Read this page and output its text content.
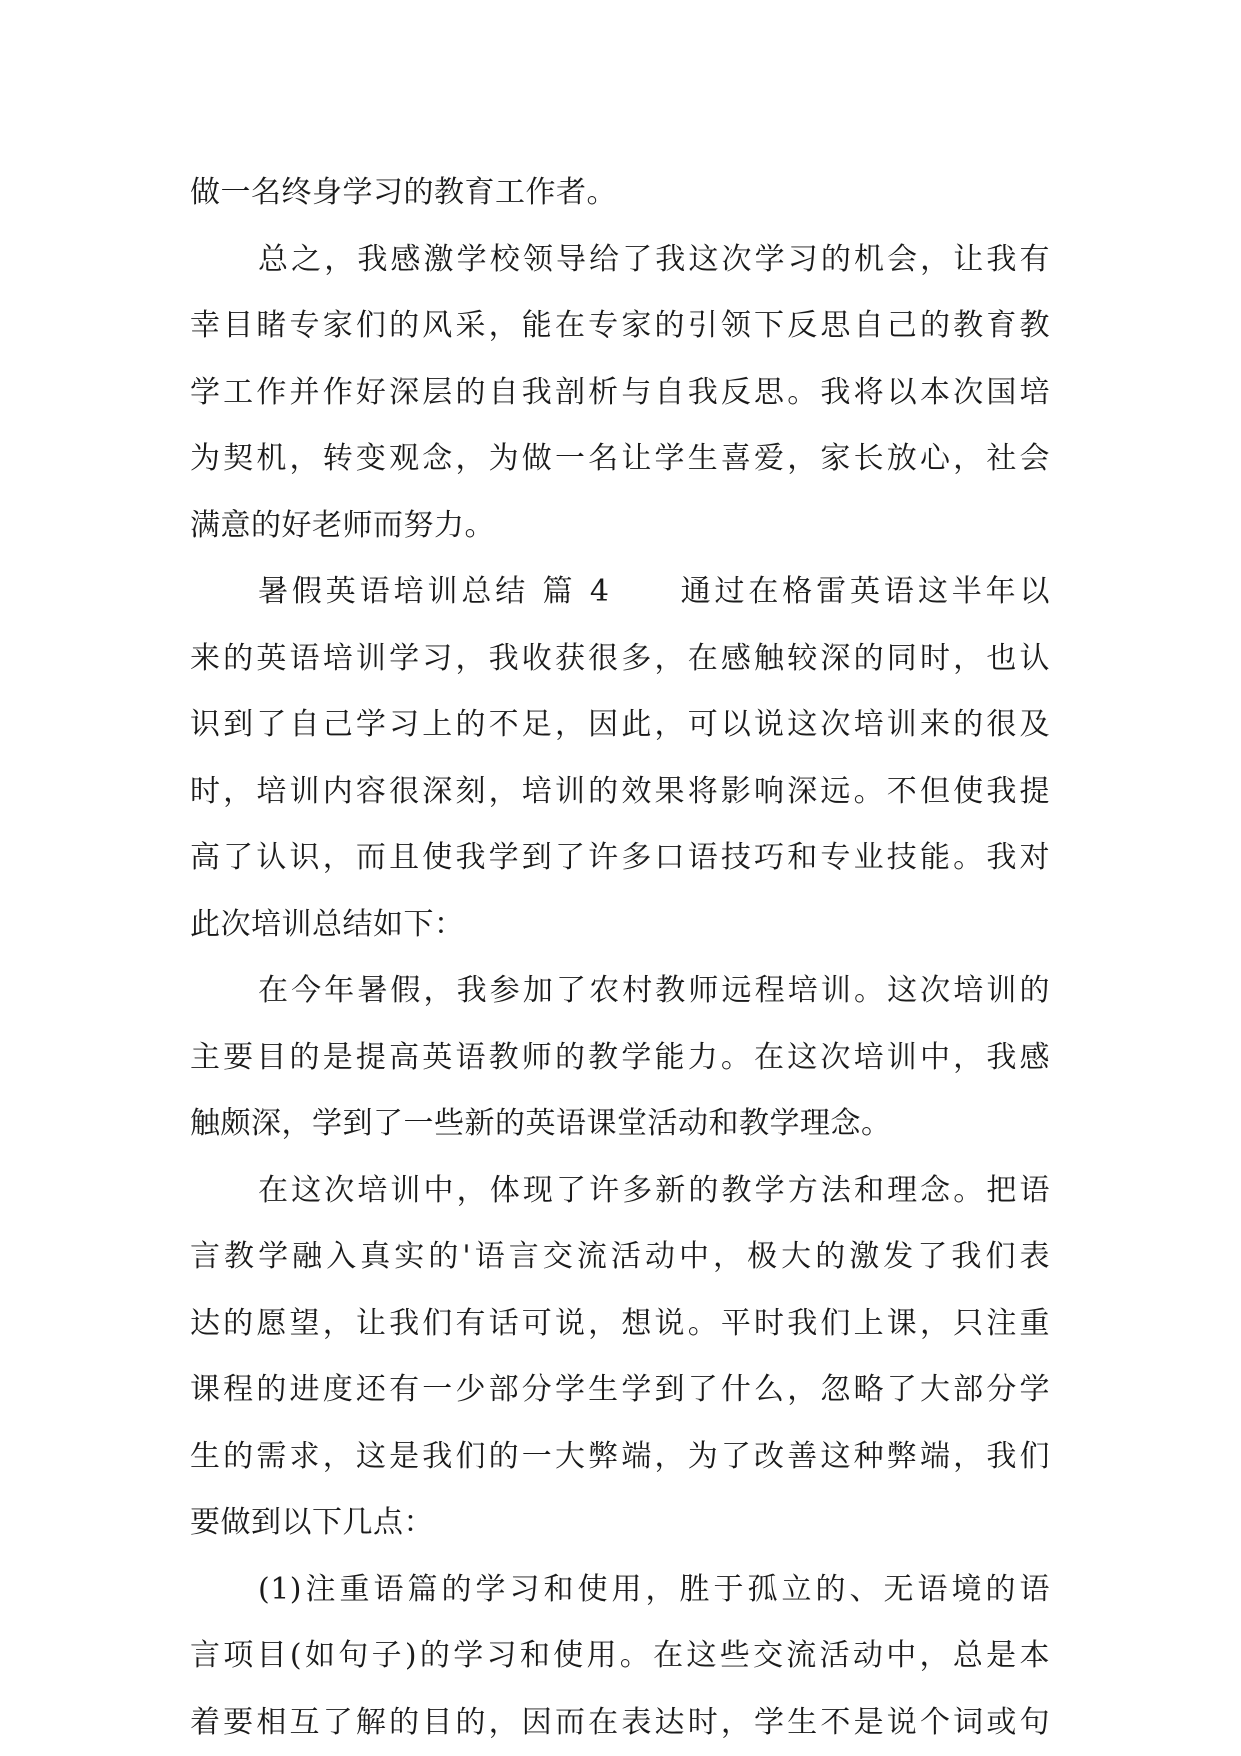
做一名终身学习的教育工作者。
总之，我感激学校领导给了我这次学习的机会，让我有
幸目睹专家们的风采，能在专家的引领下反思自己的教育教
学工作并作好深层的自我剖析与自我反思。我将以本次国培
为契机，转变观念，为做一名让学生喜爱，家长放心，社会
满意的好老师而努力。
暑假英语培训总结 篇 4　　通过在格雷英语这半年以
来的英语培训学习，我收获很多，在感触较深的同时，也认
识到了自己学习上的不足，因此，可以说这次培训来的很及
时，培训内容很深刻，培训的效果将影响深远。不但使我提
高了认识，而且使我学到了许多口语技巧和专业技能。我对
此次培训总结如下：
在今年暑假，我参加了农村教师远程培训。这次培训的
主要目的是提高英语教师的教学能力。在这次培训中，我感
触颇深，学到了一些新的英语课堂活动和教学理念。
在这次培训中，体现了许多新的教学方法和理念。把语
言教学融入真实的'语言交流活动中，极大的激发了我们表
达的愿望，让我们有话可说，想说。平时我们上课，只注重
课程的进度还有一少部分学生学到了什么，忽略了大部分学
生的需求，这是我们的一大弊端，为了改善这种弊端，我们
要做到以下几点：
(1)注重语篇的学习和使用，胜于孤立的、无语境的语
言项目(如句子)的学习和使用。在这些交流活动中，总是本
着要相互了解的目的，因而在表达时，学生不是说个词或句
